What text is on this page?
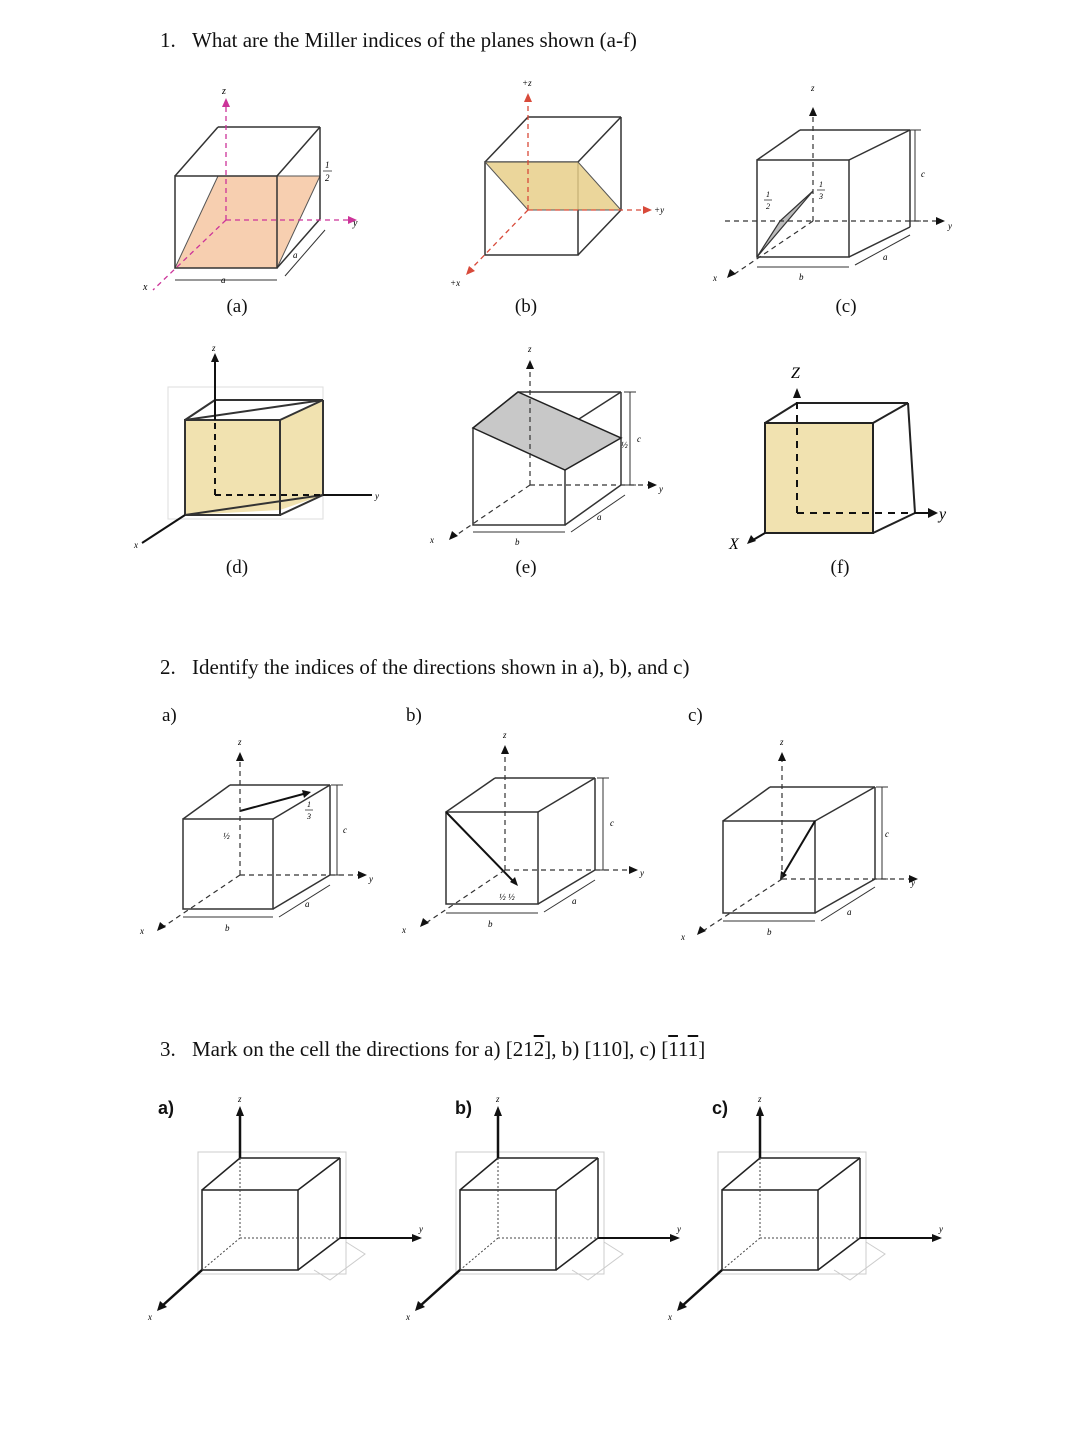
1. What are the Miller indices of the planes shown (a-f)
z
y
x
a
a
1
2
(a)
+z
+y
+x
(b)
z
y
x
c
b
a
1
2
1
3
(c)
z
y
x
(d)
z
y
x
c
½
b
a
(e)
Z
y
X
(f)
2. Identify the indices of the directions shown in a), b), and c)
a)	b)	c)
z
y
x
c
b
a
½
1
3
z
y
x
c
b
a
½ ½
z
y
x
c
b
a
3. Mark on the cell the directions for a) [212], b) [110], c) [111]
a)	b)	c)
z
y
x
z
y
x
z
y
x
